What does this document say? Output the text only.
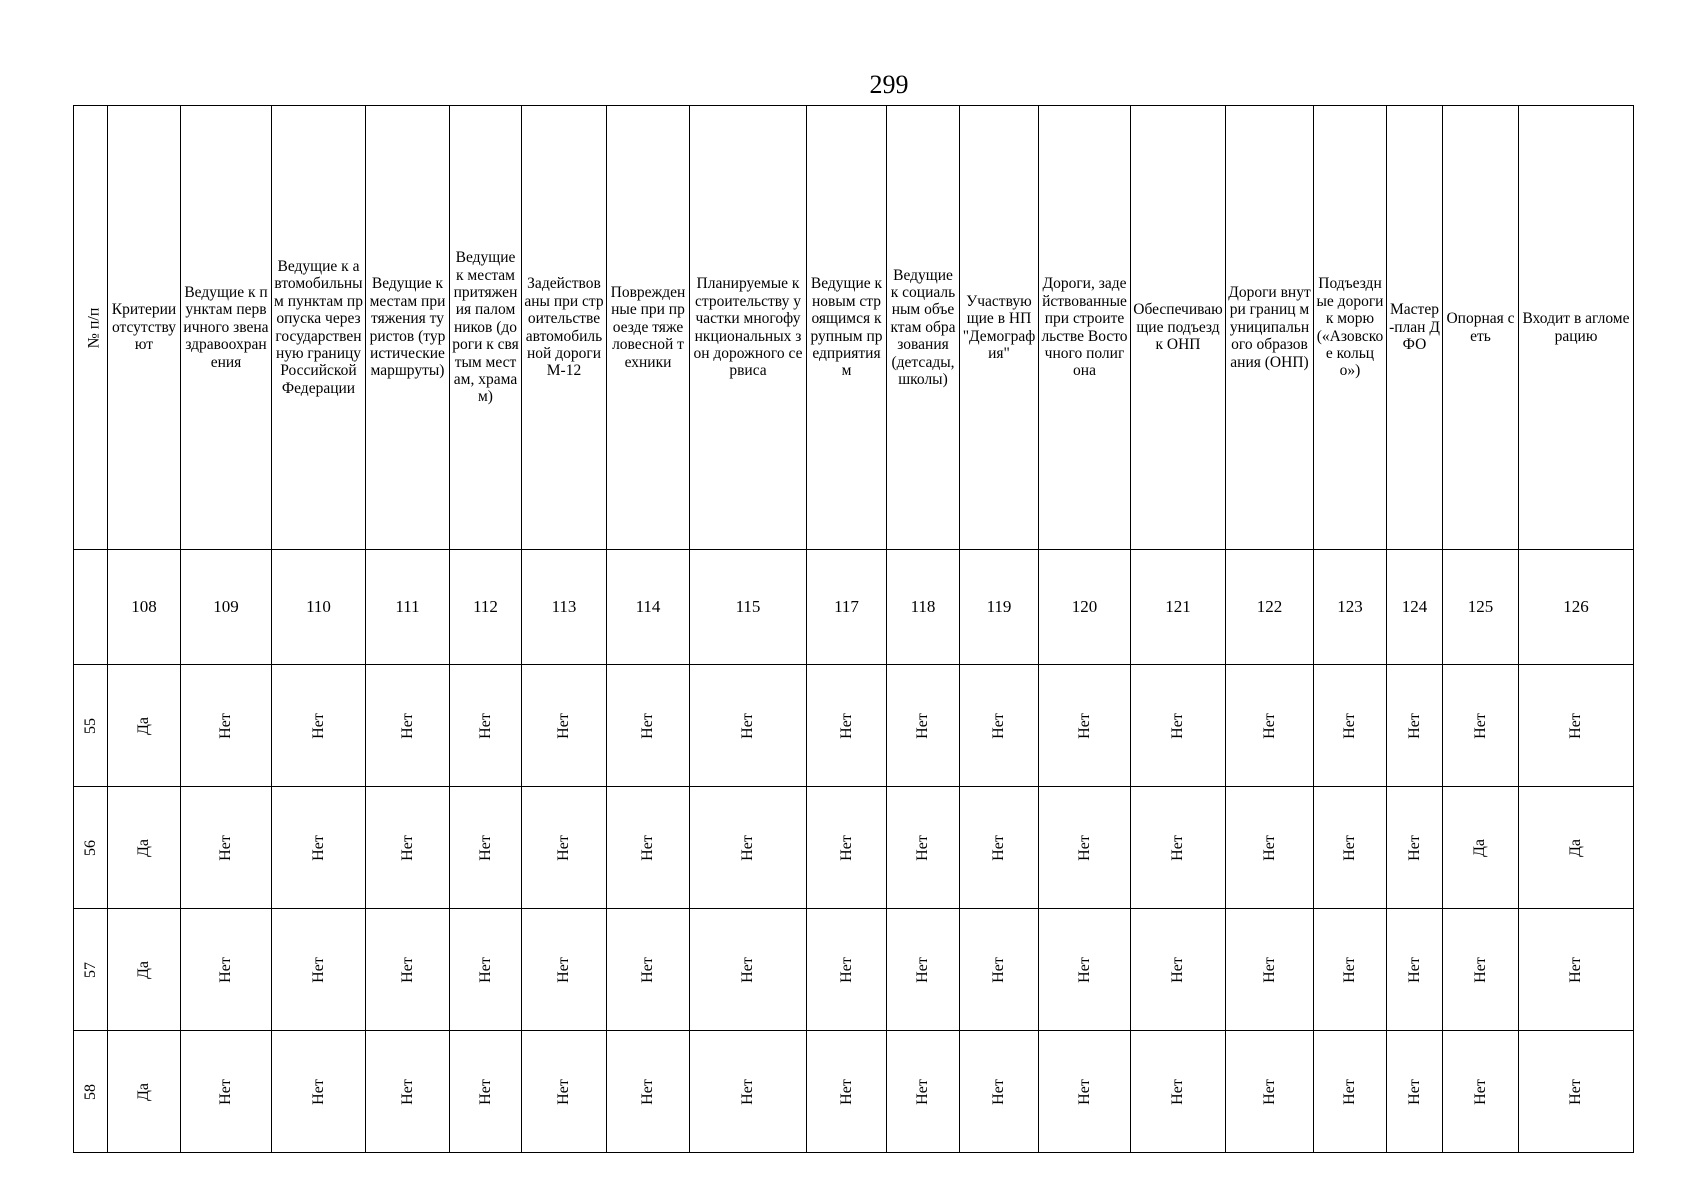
299
№ п/п	Критерии отсутствуют	Ведущие к пунктам первичного звена здравоохранения	Ведущие к автомобильным пунктам пропуска через государственную границу Российской Федерации	Ведущие к местам притяжения туристов (туристические маршруты)	Ведущие к местам притяжения паломников (дороги к святым местам, храмам)	Задействованы при строительстве автомобильной дороги М-12	Поврежденные при проезде тяжеловесной техники	Планируемые к строительству участки многофункциональных зон дорожного сервиса	Ведущие к новым строящимся крупным предприятиям	Ведущие к социальным объектам образования (детсады, школы)	Участвующие в НП "Демография"	Дороги, задействованные при строительстве Восточного полигона	Обеспечивающие подъезд к ОНП	Дороги внутри границ муниципального образования (ОНП)	Подъездные дороги к морю («Азовское кольцо»)	Мастер-план ДФО	Опорная сеть	Входит в агломерацию

	108	109	110	111	112	113	114	115	117	118	119	120	121	122	123	124	125	126
55	Да	Нет	Нет	Нет	Нет	Нет	Нет	Нет	Нет	Нет	Нет	Нет	Нет	Нет	Нет	Нет	Нет	Нет
56	Да	Нет	Нет	Нет	Нет	Нет	Нет	Нет	Нет	Нет	Нет	Нет	Нет	Нет	Нет	Нет	Да	Да
57	Да	Нет	Нет	Нет	Нет	Нет	Нет	Нет	Нет	Нет	Нет	Нет	Нет	Нет	Нет	Нет	Нет	Нет
58	Да	Нет	Нет	Нет	Нет	Нет	Нет	Нет	Нет	Нет	Нет	Нет	Нет	Нет	Нет	Нет	Нет	Нет
